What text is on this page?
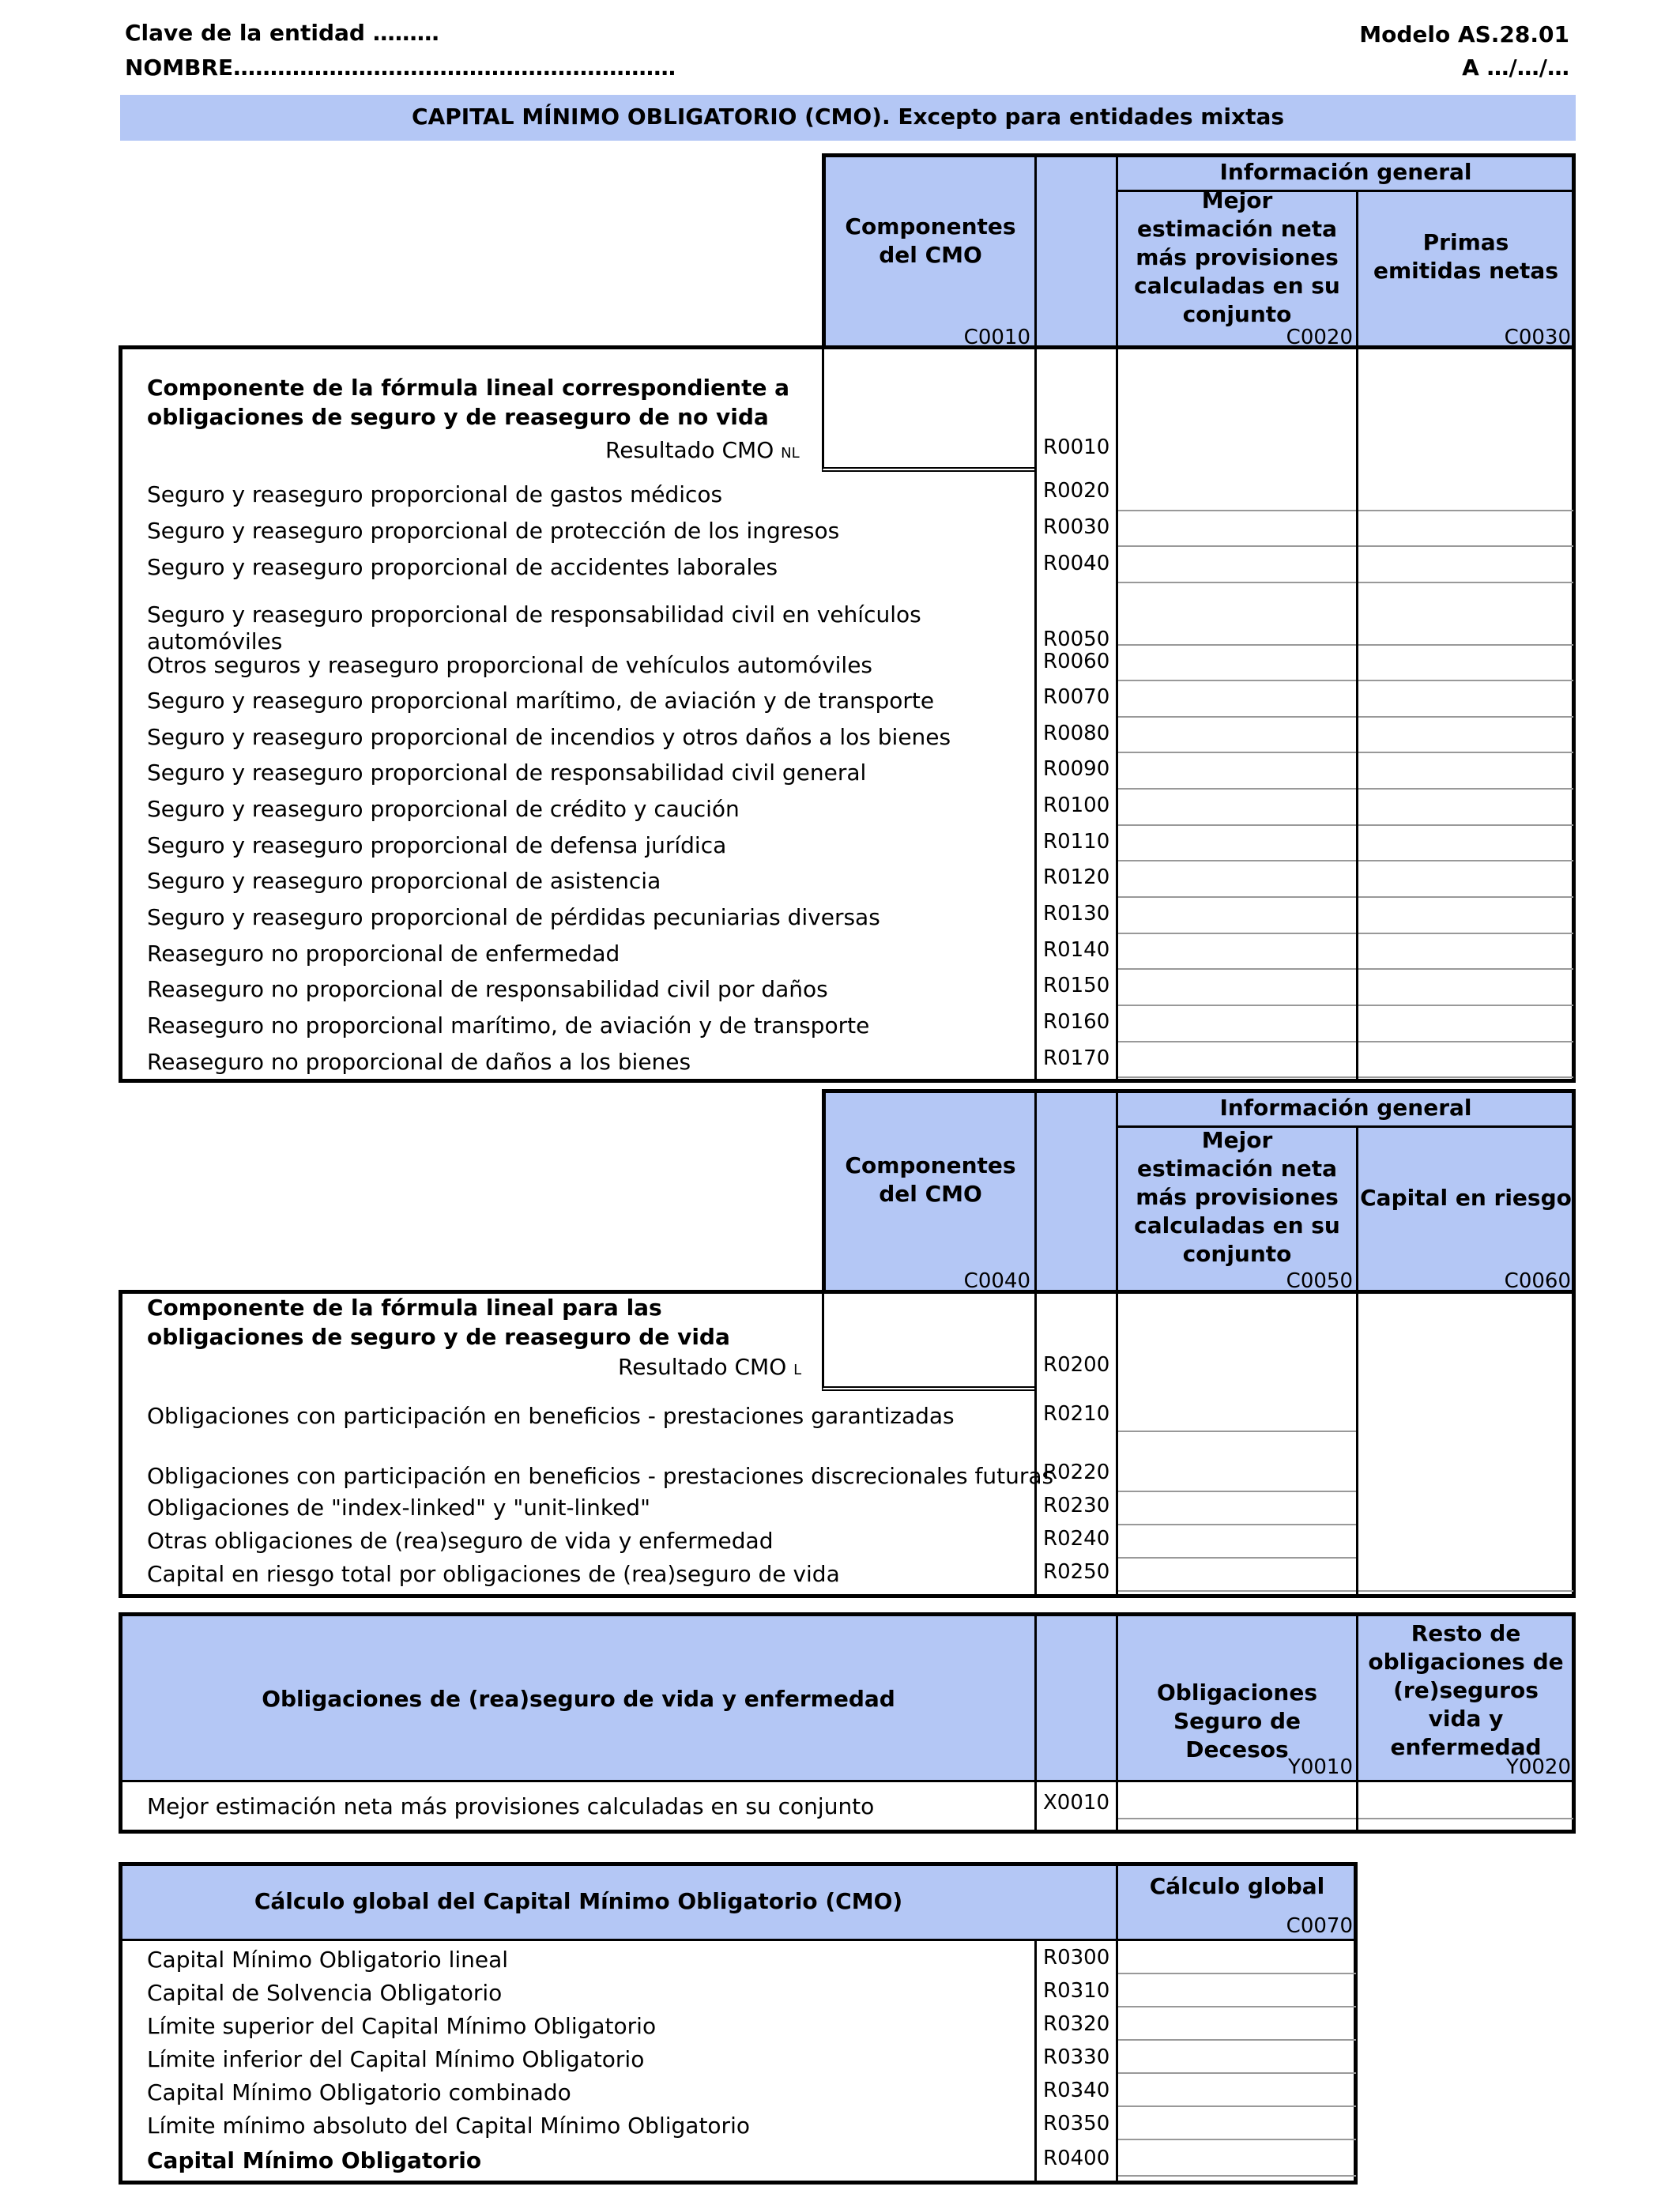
Clave de la entidad ………
NOMBRE……………………………………………………
Modelo AS.28.01
A …/…/…
CAPITAL MÍNIMO OBLIGATORIO (CMO). Excepto para entidades mixtas
Información general
Componentes del CMO
Mejor estimación neta más provisiones calculadas en su conjunto
Primas emitidas netas
C0010	C0020	C0030
Componente de la fórmula lineal correspondiente a obligaciones de seguro y de reaseguro de no vida
Resultado CMO NL	R0010
Seguro y reaseguro proporcional de gastos médicos	R0020
Seguro y reaseguro proporcional de protección de los ingresos	R0030
Seguro y reaseguro proporcional de accidentes laborales	R0040
Seguro y reaseguro proporcional de responsabilidad civil en vehículos
automóviles	R0050
Otros seguros y reaseguro proporcional de vehículos automóviles	R0060
Seguro y reaseguro proporcional marítimo, de aviación y de transporte	R0070
Seguro y reaseguro proporcional de incendios y otros daños a los bienes	R0080
Seguro y reaseguro proporcional de responsabilidad civil general	R0090
Seguro y reaseguro proporcional de crédito y caución	R0100
Seguro y reaseguro proporcional de defensa jurídica	R0110
Seguro y reaseguro proporcional de asistencia	R0120
Seguro y reaseguro proporcional de pérdidas pecuniarias diversas	R0130
Reaseguro no proporcional de enfermedad	R0140
Reaseguro no proporcional de responsabilidad civil por daños	R0150
Reaseguro no proporcional marítimo, de aviación y de transporte	R0160
Reaseguro no proporcional de daños a los bienes	R0170
Información general
Componentes del CMO
Mejor estimación neta más provisiones calculadas en su conjunto
Capital en riesgo
C0040	C0050	C0060
Componente de la fórmula lineal para las obligaciones de seguro y de reaseguro de vida
Resultado CMO L	R0200
Obligaciones con participación en beneficios - prestaciones garantizadas	R0210
Obligaciones con participación en beneficios - prestaciones discrecionales futuras
R0220
Obligaciones de "index-linked" y "unit-linked"	R0230
Otras obligaciones de (rea)seguro de vida y enfermedad	R0240
Capital en riesgo total por obligaciones de (rea)seguro de vida	R0250
Obligaciones de (rea)seguro de vida y enfermedad	Obligaciones Seguro de Decesos
Resto de obligaciones de (re)seguros vida y enfermedad
Y0010	Y0020
Mejor estimación neta más provisiones calculadas en su conjunto	X0010
Cálculo global del Capital Mínimo Obligatorio (CMO)
Cálculo global
C0070
Capital Mínimo Obligatorio lineal	R0300
Capital de Solvencia Obligatorio	R0310
Límite superior del Capital Mínimo Obligatorio	R0320
Límite inferior del Capital Mínimo Obligatorio	R0330
Capital Mínimo Obligatorio combinado	R0340
Límite mínimo absoluto del Capital Mínimo Obligatorio	R0350
Capital Mínimo Obligatorio	R0400
